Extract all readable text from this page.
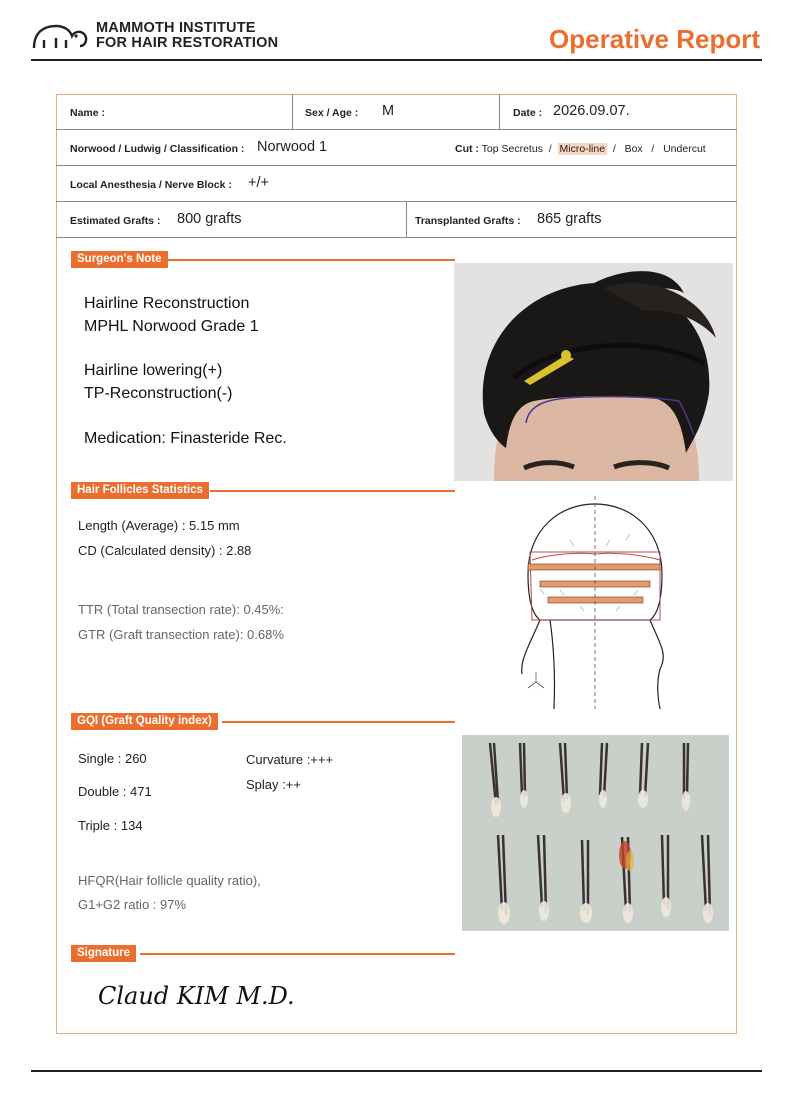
MAMMOTH INSTITUTE
FOR HAIR RESTORATION	Operative Report
Name :	Sex / Age : M	Date : 2026.09.07.
Norwood / Ludwig / Classification : Norwood 1	Cut : Top Secretus  /  Micro-line  /   Box   /   Undercut
Local Anesthesia / Nerve Block : +/+
Estimated Grafts : 800 grafts	Transplanted Grafts : 865 grafts
Surgeon's Note
Hairline Reconstruction
MPHL Norwood Grade 1
Hairline lowering(+)
TP-Reconstruction(-)
Medication: Finasteride Rec.
Hair Follicles Statistics
Length (Average) : 5.15 mm
CD (Calculated density) : 2.88
TTR (Total transection rate): 0.45%:
GTR (Graft transection rate): 0.68%
GQI (Graft Quality index)
Single : 260
Double : 471
Triple : 134
Curvature :+++
Splay :++
HFQR(Hair follicle quality ratio),
G1+G2 ratio : 97%
Signature
Claud KIM M.D.
